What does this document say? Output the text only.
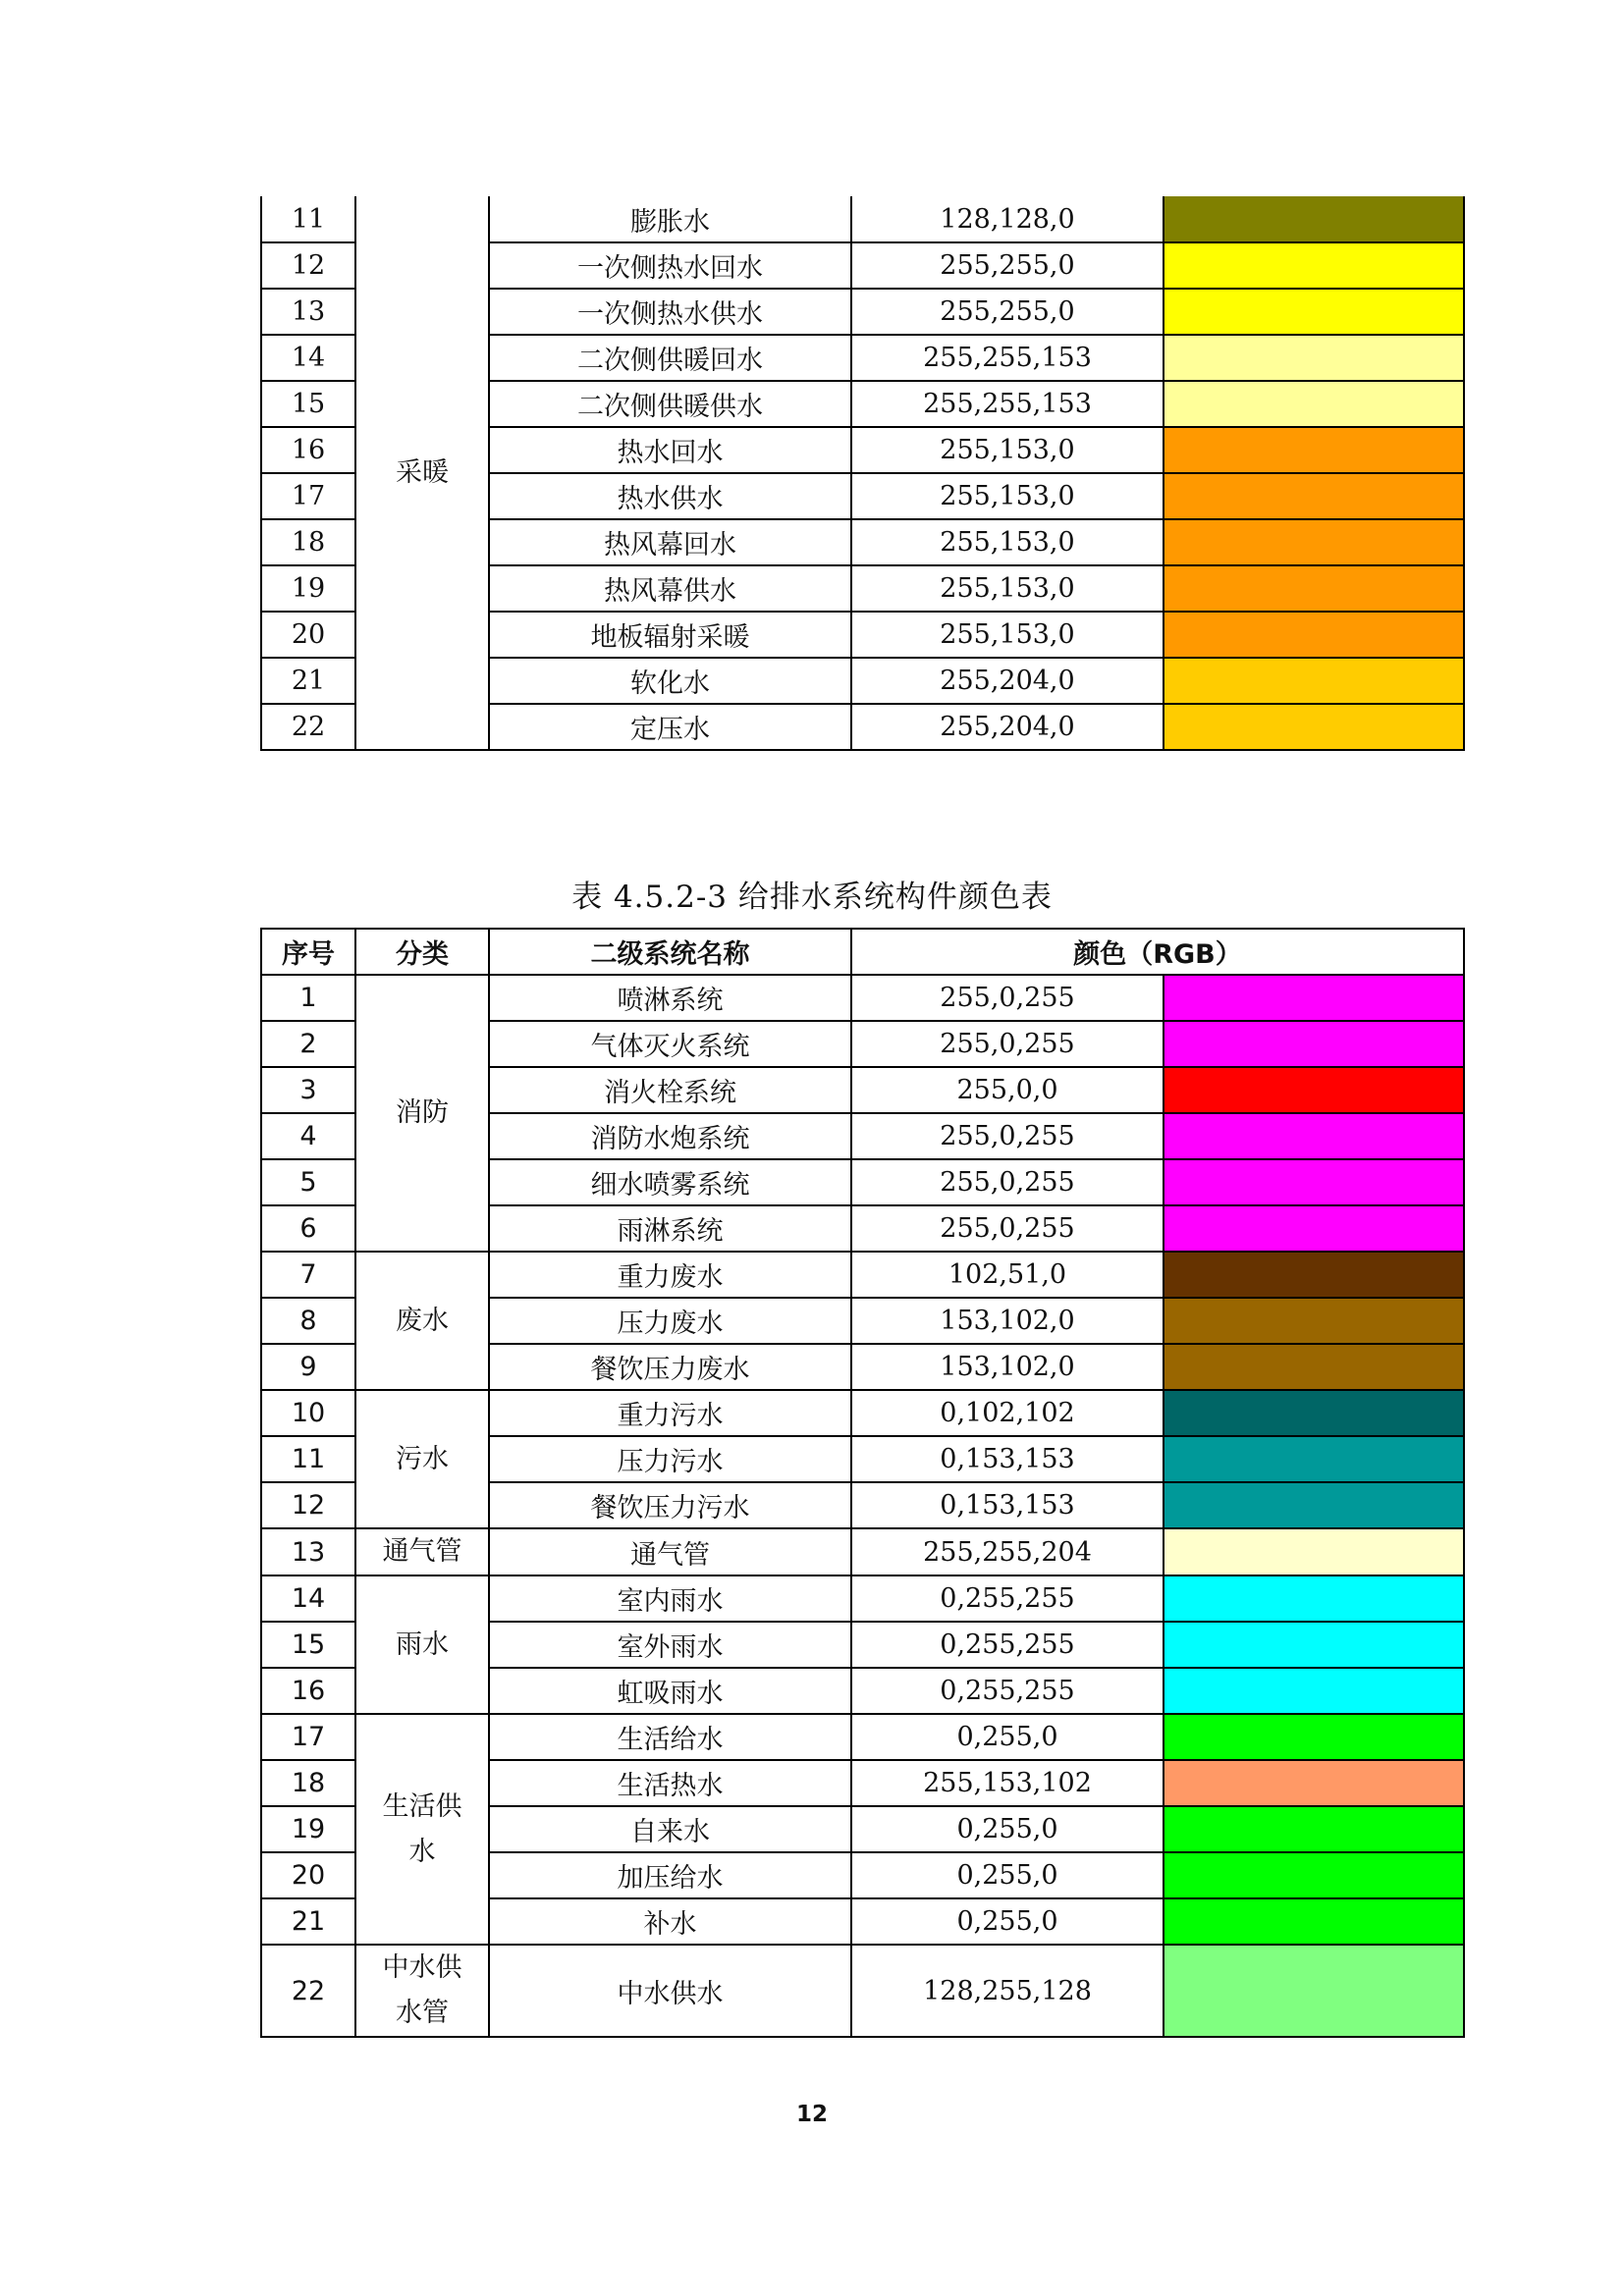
11	采暖	膨胀水	128,128,0	
12		一次侧热水回水	255,255,0	
13		一次侧热水供水	255,255,0	
14		二次侧供暖回水	255,255,153	
15		二次侧供暖供水	255,255,153	
16		热水回水	255,153,0	
17		热水供水	255,153,0	
18		热风幕回水	255,153,0	
19		热风幕供水	255,153,0	
20		地板辐射采暖	255,153,0	
21		软化水	255,204,0	
22		定压水	255,204,0	
表 4.5.2-3 给排水系统构件颜色表
序号	分类	二级系统名称	颜色（RGB）	
1	消防	喷淋系统	255,0,255	
2		气体灭火系统	255,0,255	
3		消火栓系统	255,0,0	
4		消防水炮系统	255,0,255	
5		细水喷雾系统	255,0,255	
6		雨淋系统	255,0,255	
7	废水	重力废水	102,51,0	
8		压力废水	153,102,0	
9		餐饮压力废水	153,102,0	
10	污水	重力污水	0,102,102	
11		压力污水	0,153,153	
12		餐饮压力污水	0,153,153	
13	通气管	通气管	255,255,204	
14	雨水	室内雨水	0,255,255	
15		室外雨水	0,255,255	
16		虹吸雨水	0,255,255	
17	生活供水	生活给水	0,255,0	
18		生活热水	255,153,102	
19		自来水	0,255,0	
20		加压给水	0,255,0	
21		补水	0,255,0	
22	中水供水管	中水供水	128,255,128	
12
